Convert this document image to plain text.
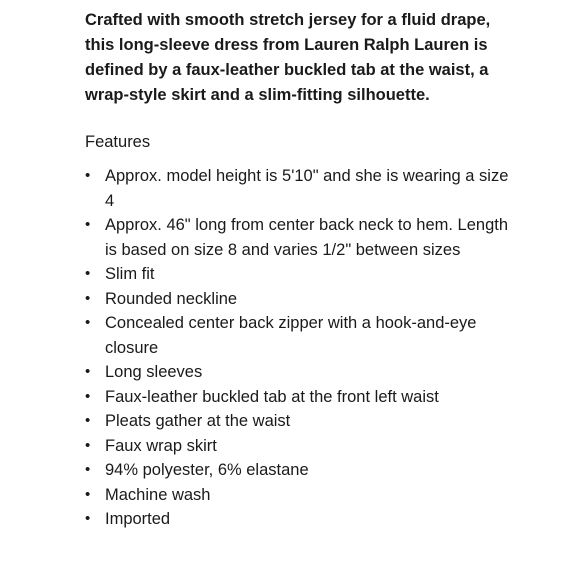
Crafted with smooth stretch jersey for a fluid drape, this long-sleeve dress from Lauren Ralph Lauren is defined by a faux-leather buckled tab at the waist, a wrap-style skirt and a slim-fitting silhouette.

Features
• Approx. model height is 5'10" and she is wearing a size 4
• Approx. 46" long from center back neck to hem. Length is based on size 8 and varies 1/2" between sizes
• Slim fit
• Rounded neckline
• Concealed center back zipper with a hook-and-eye closure
• Long sleeves
• Faux-leather buckled tab at the front left waist
• Pleats gather at the waist
• Faux wrap skirt
• 94% polyester, 6% elastane
• Machine wash
• Imported
